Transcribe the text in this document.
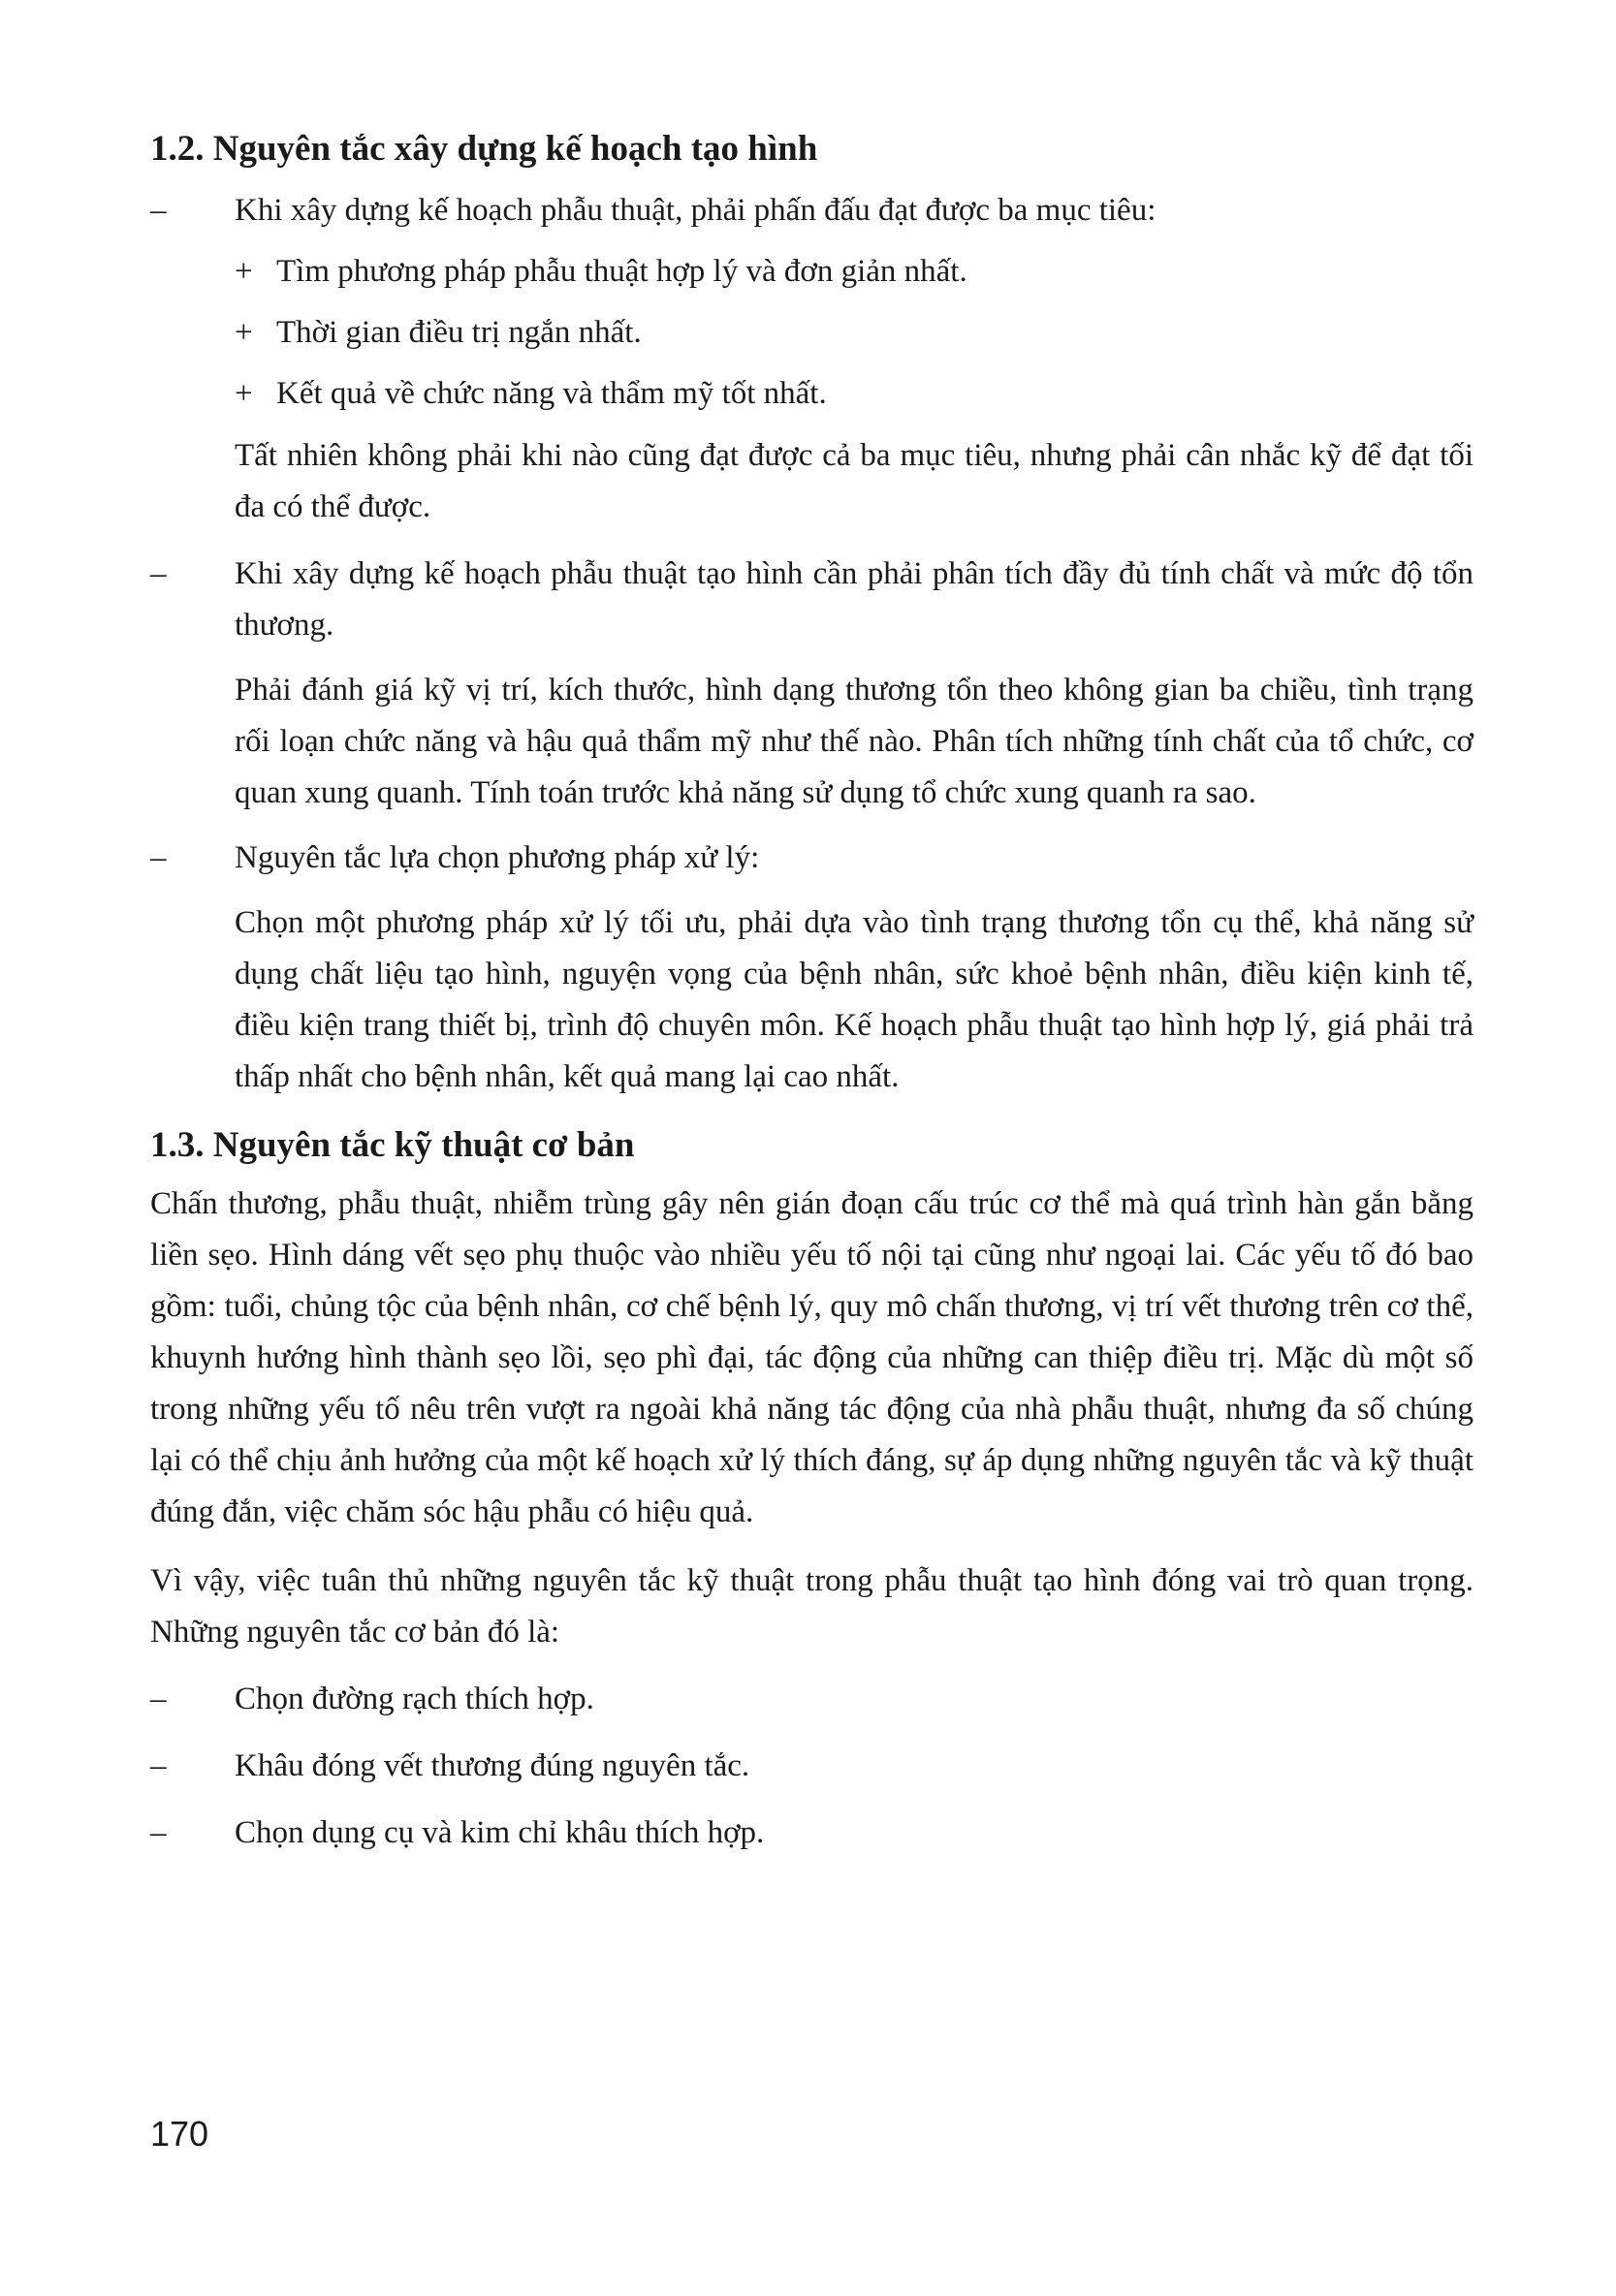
1.2. Nguyên tắc xây dựng kế hoạch tạo hình
– Khi xây dựng kế hoạch phẫu thuật, phải phấn đấu đạt được ba mục tiêu:
+ Tìm phương pháp phẫu thuật hợp lý và đơn giản nhất.
+ Thời gian điều trị ngắn nhất.
+ Kết quả về chức năng và thẩm mỹ tốt nhất.

Tất nhiên không phải khi nào cũng đạt được cả ba mục tiêu, nhưng phải cân nhắc kỹ để đạt tối đa có thể được.

– Khi xây dựng kế hoạch phẫu thuật tạo hình cần phải phân tích đầy đủ tính chất và mức độ tổn thương.

Phải đánh giá kỹ vị trí, kích thước, hình dạng thương tổn theo không gian ba chiều, tình trạng rối loạn chức năng và hậu quả thẩm mỹ như thế nào. Phân tích những tính chất của tổ chức, cơ quan xung quanh. Tính toán trước khả năng sử dụng tổ chức xung quanh ra sao.

– Nguyên tắc lựa chọn phương pháp xử lý:

Chọn một phương pháp xử lý tối ưu, phải dựa vào tình trạng thương tổn cụ thể, khả năng sử dụng chất liệu tạo hình, nguyện vọng của bệnh nhân, sức khoẻ bệnh nhân, điều kiện kinh tế, điều kiện trang thiết bị, trình độ chuyên môn. Kế hoạch phẫu thuật tạo hình hợp lý, giá phải trả thấp nhất cho bệnh nhân, kết quả mang lại cao nhất.

1.3. Nguyên tắc kỹ thuật cơ bản

Chấn thương, phẫu thuật, nhiễm trùng gây nên gián đoạn cấu trúc cơ thể mà quá trình hàn gắn bằng liền sẹo. Hình dáng vết sẹo phụ thuộc vào nhiều yếu tố nội tại cũng như ngoại lai. Các yếu tố đó bao gồm: tuổi, chủng tộc của bệnh nhân, cơ chế bệnh lý, quy mô chấn thương, vị trí vết thương trên cơ thể, khuynh hướng hình thành sẹo lồi, sẹo phì đại, tác động của những can thiệp điều trị. Mặc dù một số trong những yếu tố nêu trên vượt ra ngoài khả năng tác động của nhà phẫu thuật, nhưng đa số chúng lại có thể chịu ảnh hưởng của một kế hoạch xử lý thích đáng, sự áp dụng những nguyên tắc và kỹ thuật đúng đắn, việc chăm sóc hậu phẫu có hiệu quả.

Vì vậy, việc tuân thủ những nguyên tắc kỹ thuật trong phẫu thuật tạo hình đóng vai trò quan trọng. Những nguyên tắc cơ bản đó là:

– Chọn đường rạch thích hợp.
– Khâu đóng vết thương đúng nguyên tắc.
– Chọn dụng cụ và kim chỉ khâu thích hợp.
170
